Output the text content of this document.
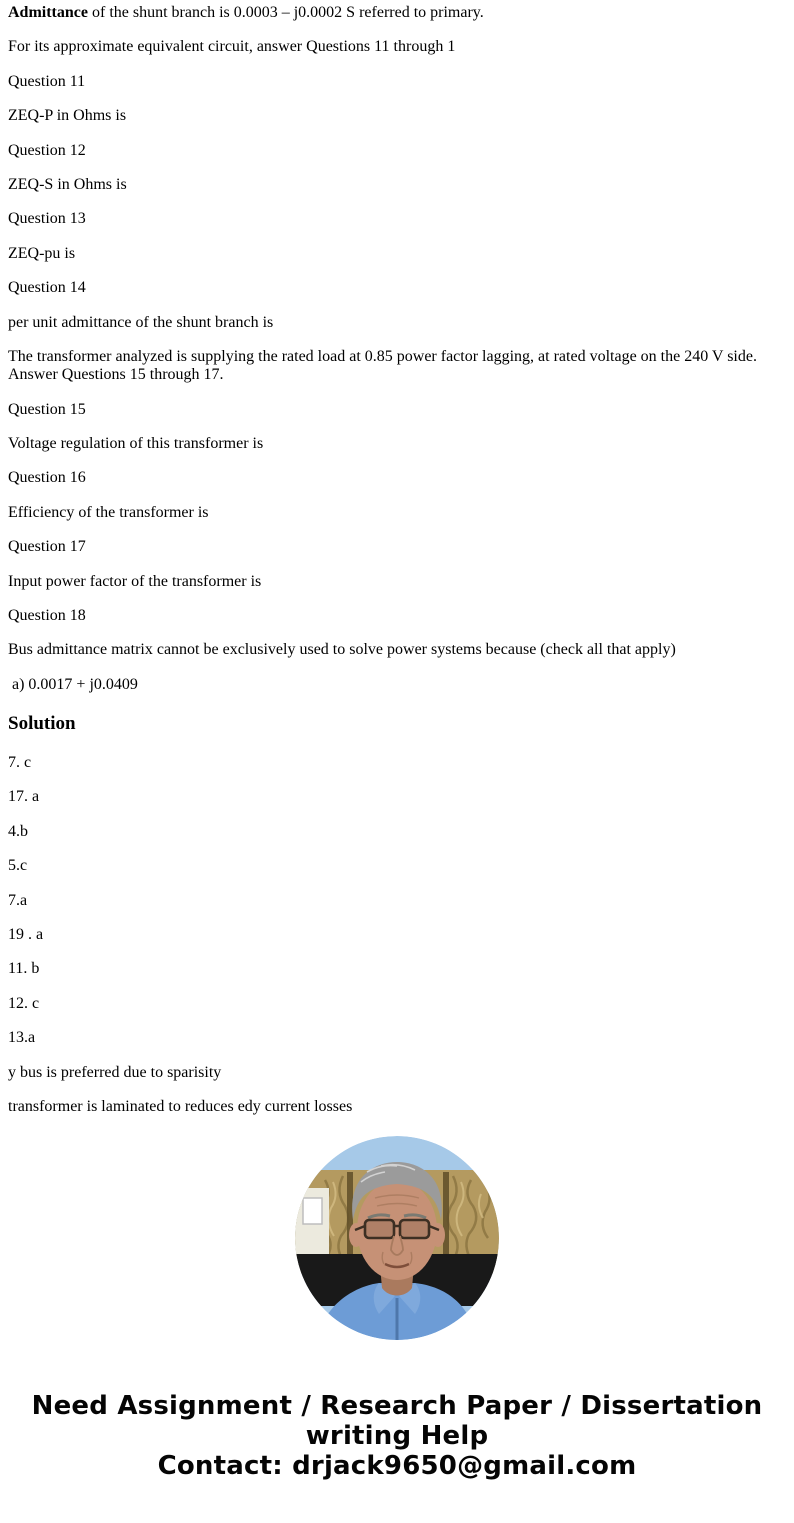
Admittance of the shunt branch is 0.0003 – j0.0002 S referred to primary.

For its approximate equivalent circuit, answer Questions 11 through 1

Question 11

ZEQ-P in Ohms is

Question 12

ZEQ-S in Ohms is

Question 13

ZEQ-pu is

Question 14

per unit admittance of the shunt branch is

The transformer analyzed is supplying the rated load at 0.85 power factor lagging, at rated voltage on the 240 V side. Answer Questions 15 through 17.

Question 15

Voltage regulation of this transformer is

Question 16

Efficiency of the transformer is

Question 17

Input power factor of the transformer is

Question 18

Bus admittance matrix cannot be exclusively used to solve power systems because (check all that apply)

a) 0.0017 + j0.0409

Solution

7. c

17. a

4.b

5.c

7.a

19 . a

11. b

12. c

13.a

y bus is preferred due to sparisity

transformer is laminated to reduces edy current losses

Need Assignment / Research Paper / Dissertation
writing Help
Contact: drjack9650@gmail.com
